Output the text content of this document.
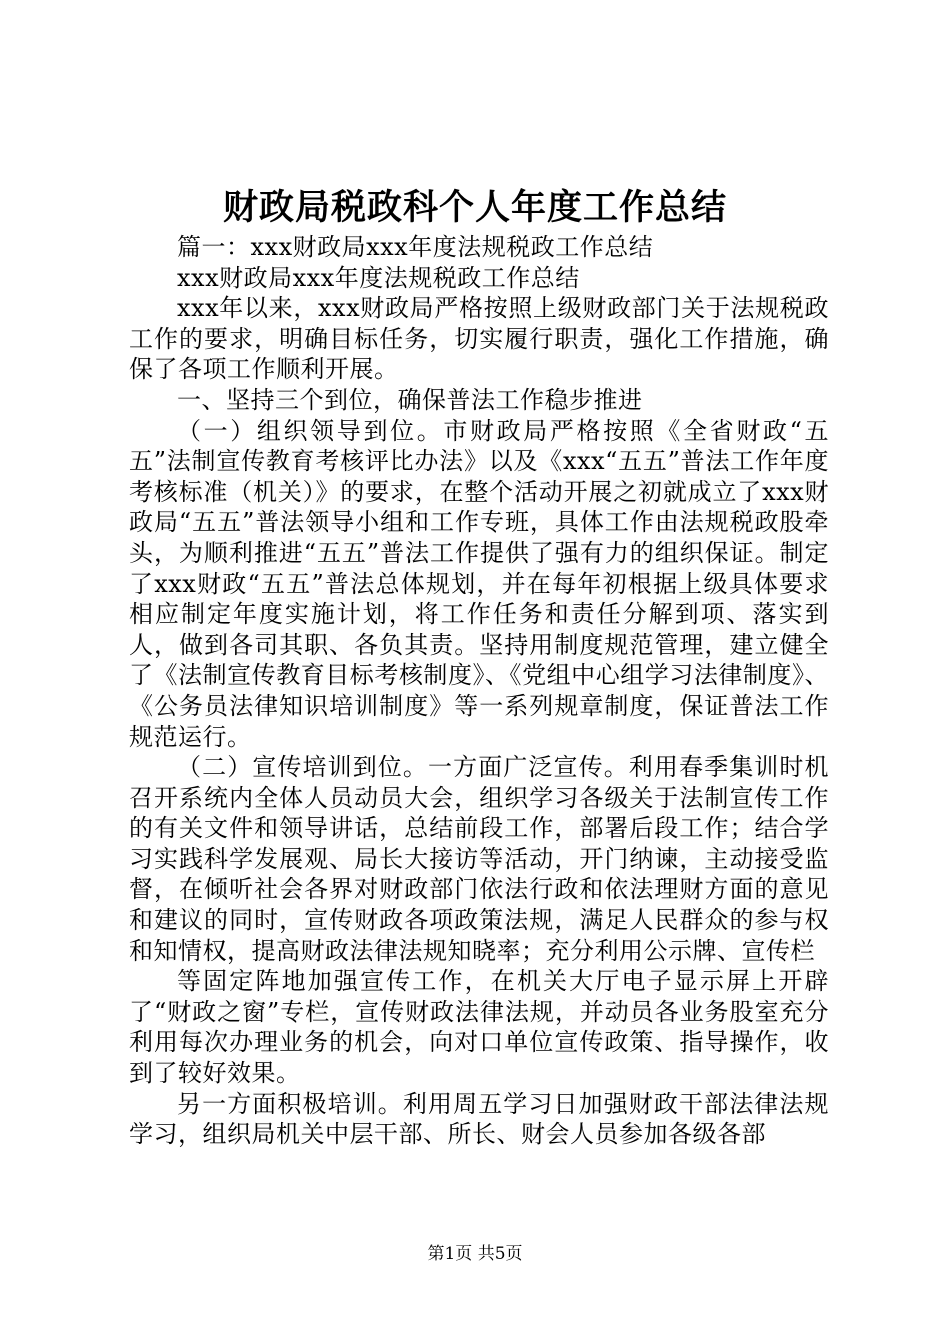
财政局税政科个人年度工作总结

篇一：xxx财政局xxx年度法规税政工作总结

xxx财政局xxx年度法规税政工作总结

xxx年以来，xxx财政局严格按照上级财政部门关于法规税政工作的要求，明确目标任务，切实履行职责，强化工作措施，确保了各项工作顺利开展。

一、坚持三个到位，确保普法工作稳步推进

（一）组织领导到位。市财政局严格按照《全省财政“五五”法制宣传教育考核评比办法》以及《xxx“五五”普法工作年度考核标准（机关）》的要求，在整个活动开展之初就成立了xxx财政局“五五”普法领导小组和工作专班，具体工作由法规税政股牵头，为顺利推进“五五”普法工作提供了强有力的组织保证。制定了xxx财政“五五”普法总体规划，并在每年初根据上级具体要求相应制定年度实施计划，将工作任务和责任分解到项、落实到人，做到各司其职、各负其责。坚持用制度规范管理，建立健全了《法制宣传教育目标考核制度》、《党组中心组学习法律制度》、《公务员法律知识培训制度》等一系列规章制度，保证普法工作规范运行。

（二）宣传培训到位。一方面广泛宣传。利用春季集训时机召开系统内全体人员动员大会，组织学习各级关于法制宣传工作的有关文件和领导讲话，总结前段工作，部署后段工作；结合学习实践科学发展观、局长大接访等活动，开门纳谏，主动接受监督，在倾听社会各界对财政部门依法行政和依法理财方面的意见和建议的同时，宣传财政各项政策法规，满足人民群众的参与权和知情权，提高财政法律法规知晓率；充分利用公示牌、宣传栏

等固定阵地加强宣传工作，在机关大厅电子显示屏上开辟了“财政之窗”专栏，宣传财政法律法规，并动员各业务股室充分利用每次办理业务的机会，向对口单位宣传政策、指导操作，收到了较好效果。

另一方面积极培训。利用周五学习日加强财政干部法律法规学习，组织局机关中层干部、所长、财会人员参加各级各部

第1页 共5页
